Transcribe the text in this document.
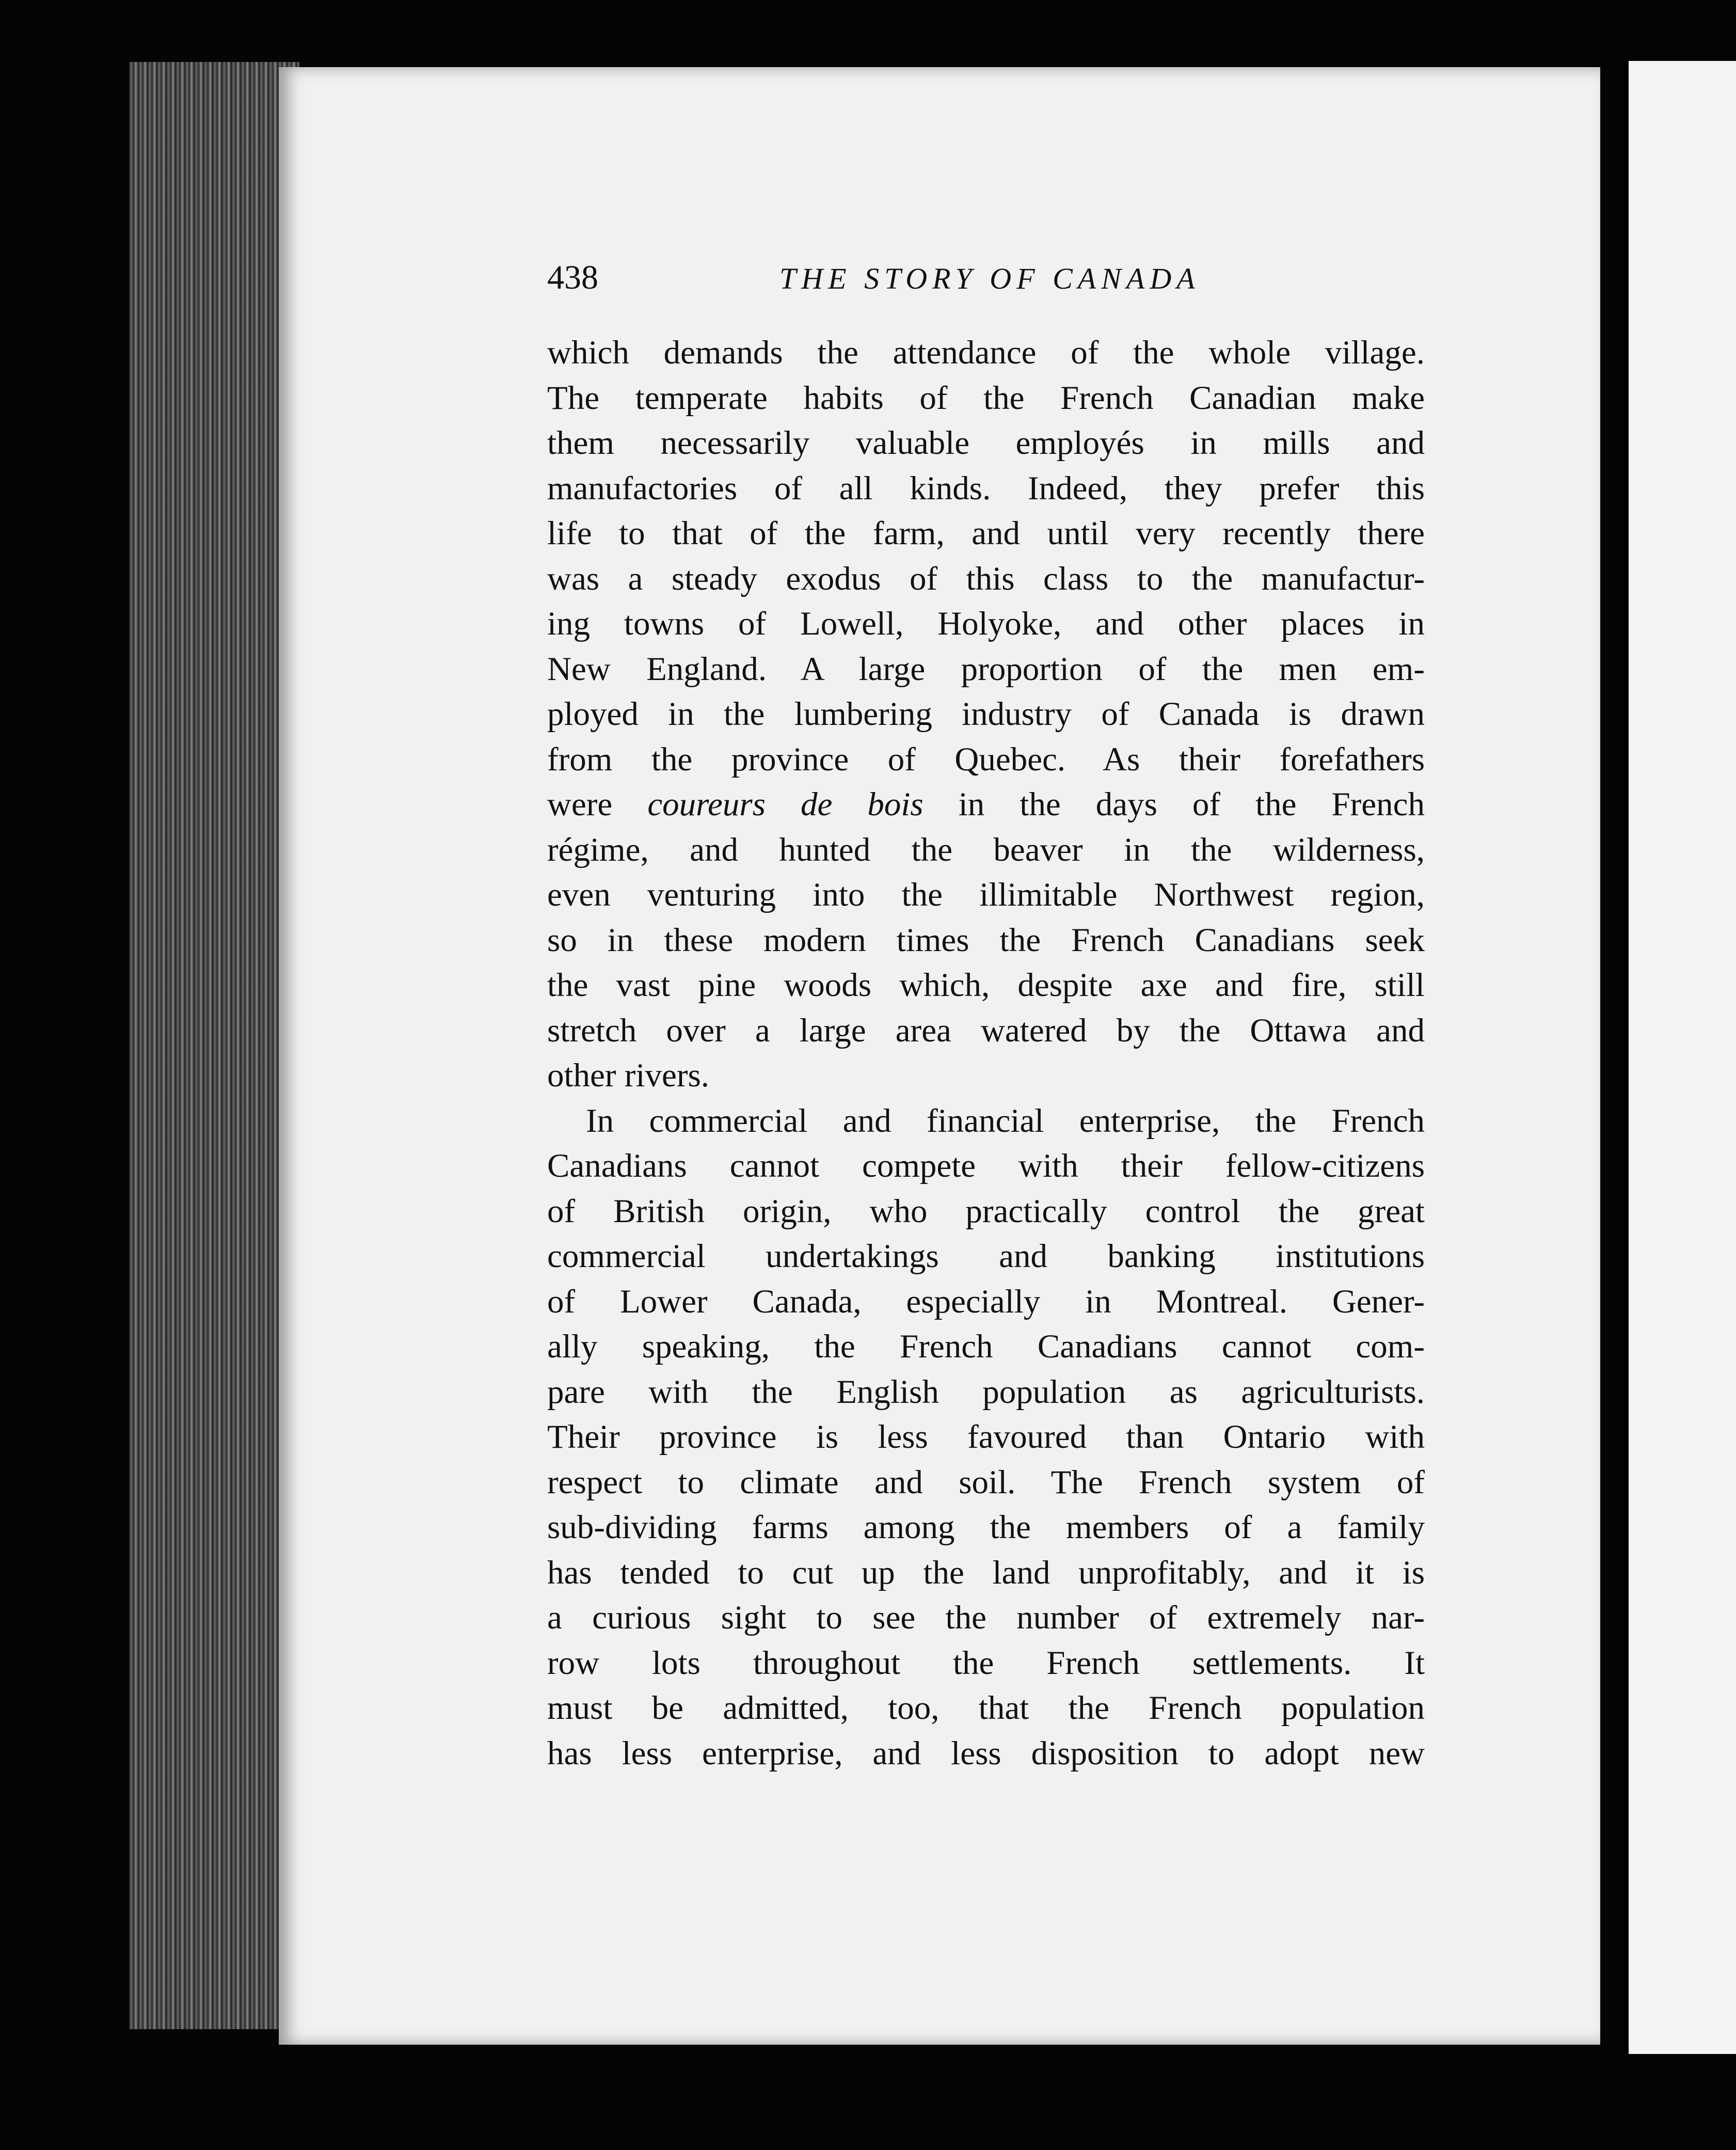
438	THE STORY OF CANADA
which demands the attendance of the whole village.
The temperate habits of the French Canadian make
them necessarily valuable employés in mills and
manufactories of all kinds. Indeed, they prefer this
life to that of the farm, and until very recently there
was a steady exodus of this class to the manufactur-
ing towns of Lowell, Holyoke, and other places in
New England. A large proportion of the men em-
ployed in the lumbering industry of Canada is drawn
from the province of Quebec. As their forefathers
were coureurs de bois in the days of the French
régime, and hunted the beaver in the wilderness,
even venturing into the illimitable Northwest region,
so in these modern times the French Canadians seek
the vast pine woods which, despite axe and fire, still
stretch over a large area watered by the Ottawa and
other rivers.
In commercial and financial enterprise, the French
Canadians cannot compete with their fellow-citizens
of British origin, who practically control the great
commercial undertakings and banking institutions
of Lower Canada, especially in Montreal. Gener-
ally speaking, the French Canadians cannot com-
pare with the English population as agriculturists.
Their province is less favoured than Ontario with
respect to climate and soil. The French system of
sub-dividing farms among the members of a family
has tended to cut up the land unprofitably, and it is
a curious sight to see the number of extremely nar-
row lots throughout the French settlements. It
must be admitted, too, that the French population
has less enterprise, and less disposition to adopt new
